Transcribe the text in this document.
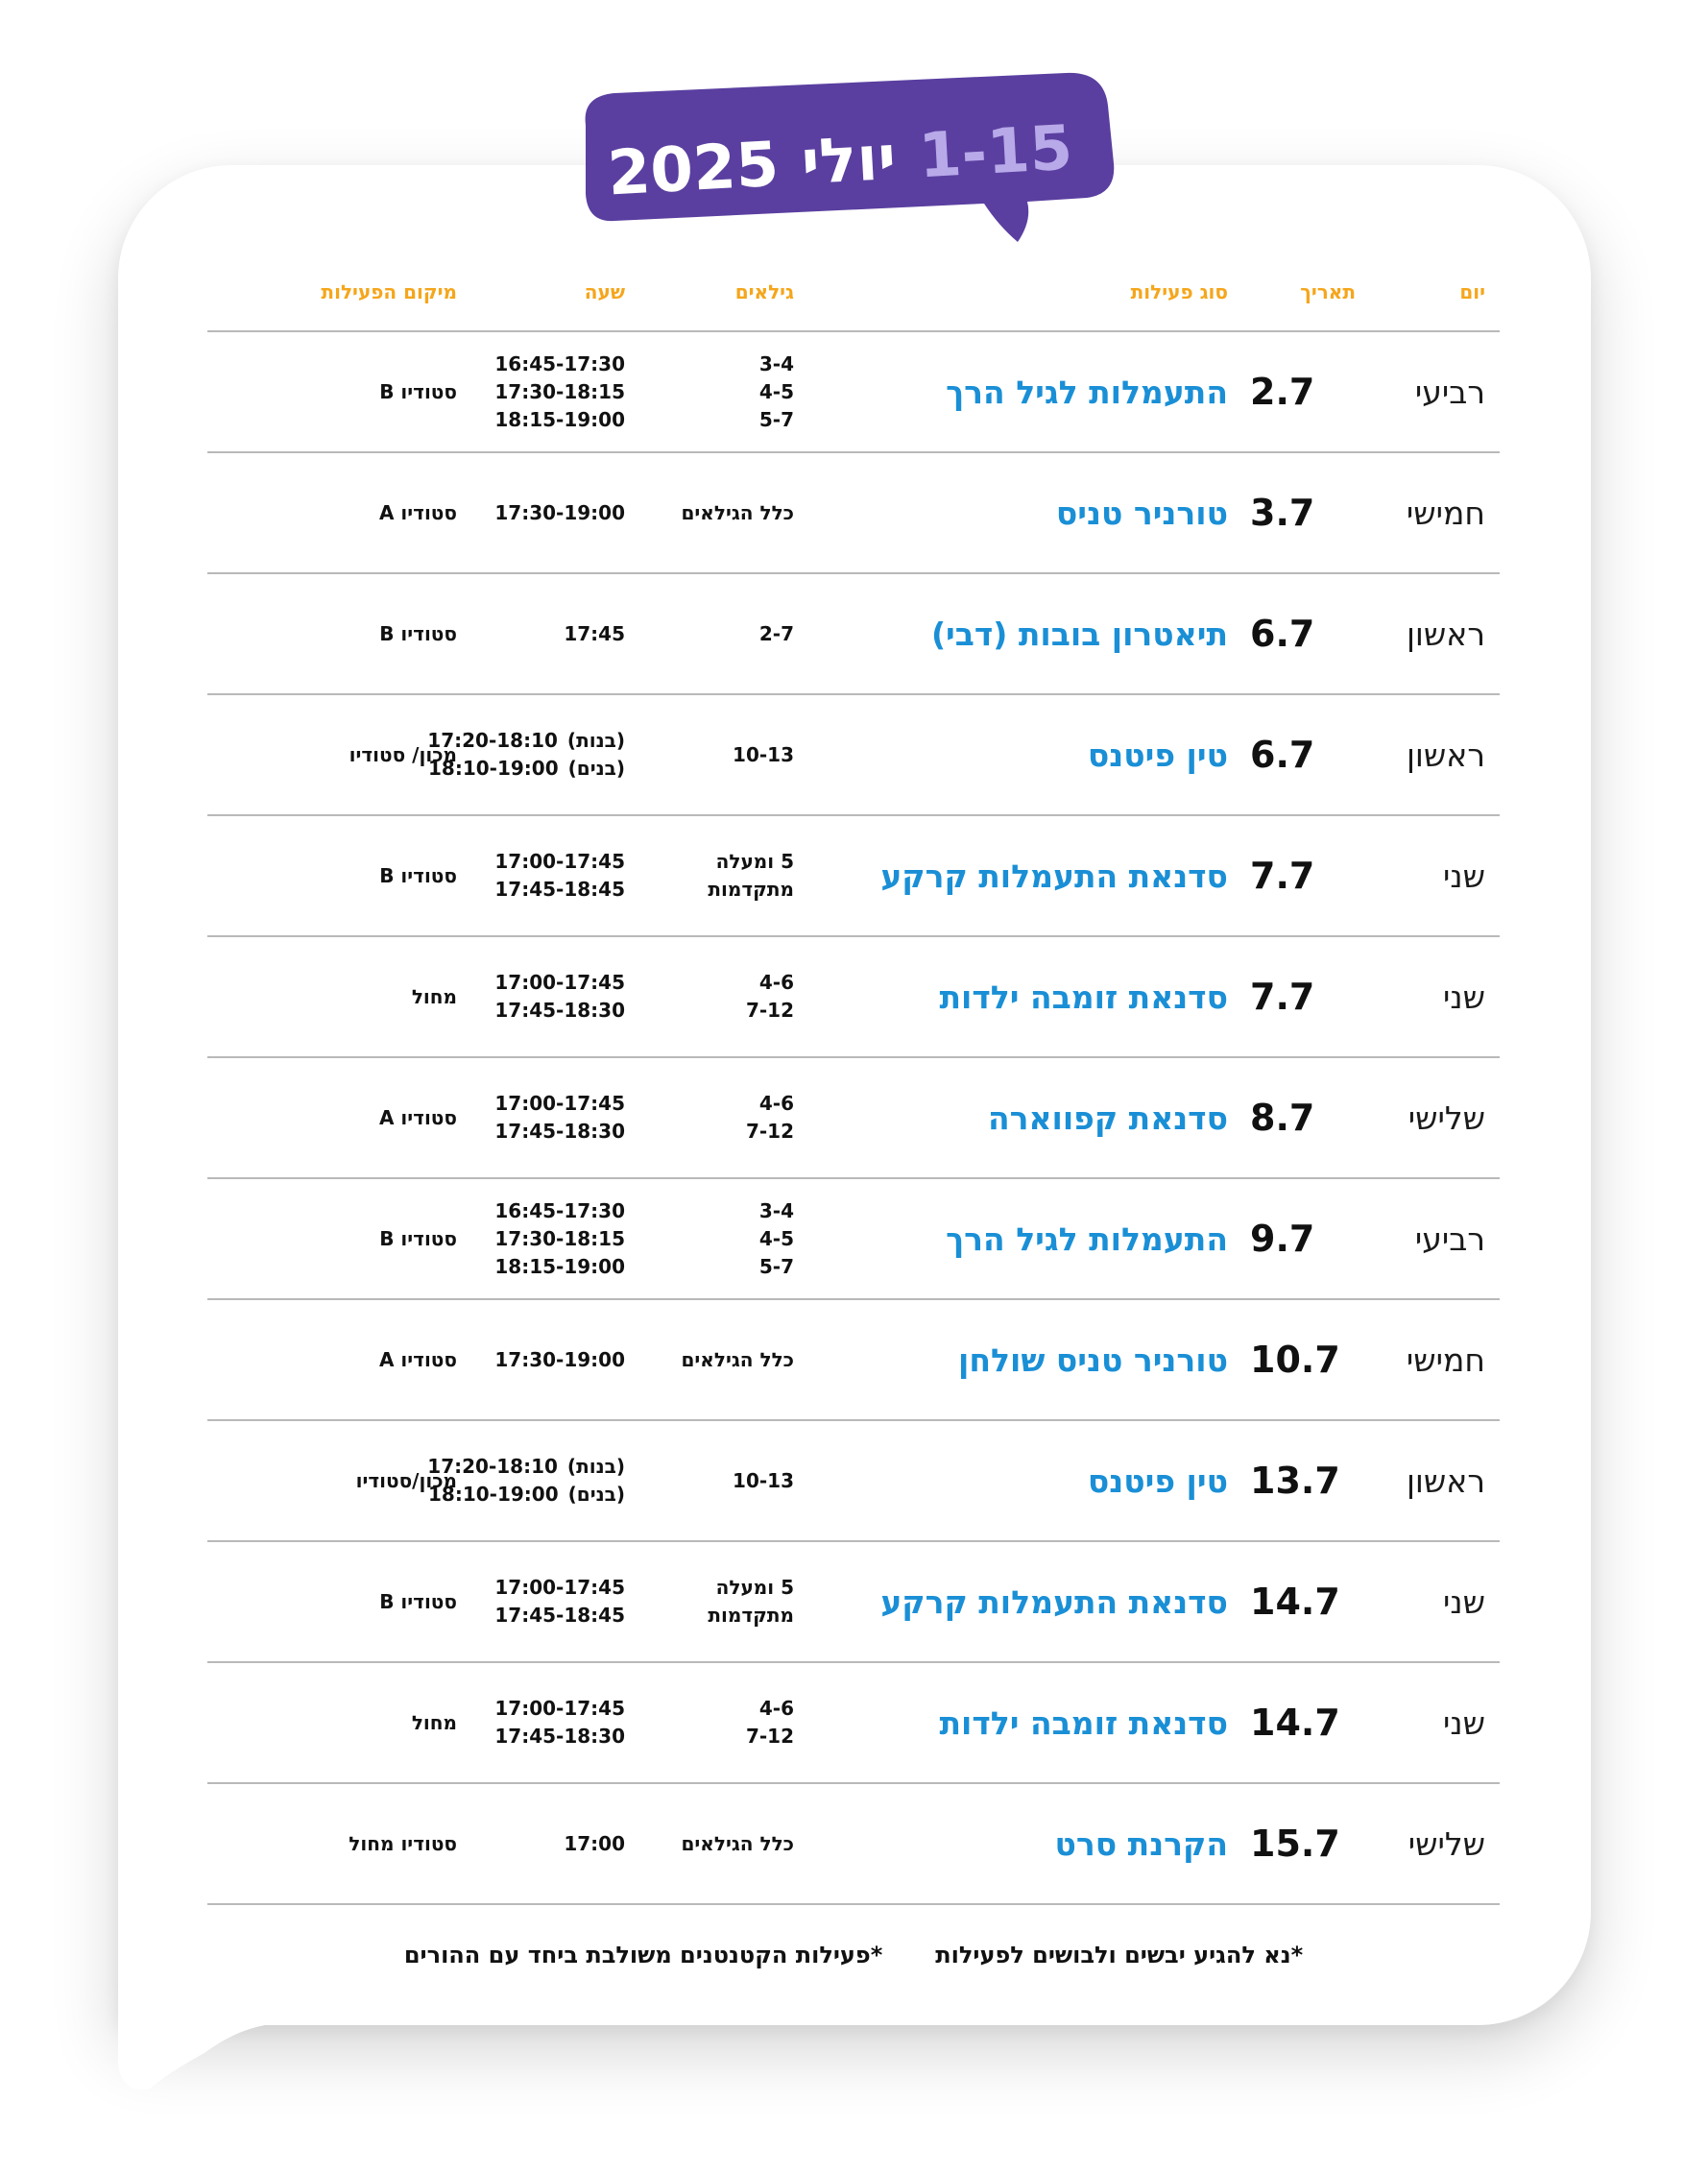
1-15
יולי
2025
יום
תאריך
סוג פעילות
גילאים
שעה
מיקום הפעילות
רביעי
2.7
התעמלות לגיל הרך
3-4
4-5
5-7
16:45-17:30
17:30-18:15
18:15-19:00
סטודיו B
חמישי
3.7
טורניר טניס
כלל הגילאים
17:30-19:00
סטודיו A
ראשון
6.7
תיאטרון בובות (דבי)
2-7
17:45
סטודיו B
ראשון
6.7
טין פיטנס
10-13
17:20-18:10 (בנות)
18:10-19:00 (בנים)
מכון/ סטודיו
שני
7.7
סדנאת התעמלות קרקע
5 ומעלה
מתקדמות
17:00-17:45
17:45-18:45
סטודיו B
שני
7.7
סדנאת זומבה ילדות
4-6
7-12
17:00-17:45
17:45-18:30
מחול
שלישי
8.7
סדנאת קפווארה
4-6
7-12
17:00-17:45
17:45-18:30
סטודיו A
רביעי
9.7
התעמלות לגיל הרך
3-4
4-5
5-7
16:45-17:30
17:30-18:15
18:15-19:00
סטודיו B
חמישי
10.7
טורניר טניס שולחן
כלל הגילאים
17:30-19:00
סטודיו A
ראשון
13.7
טין פיטנס
10-13
17:20-18:10 (בנות)
18:10-19:00 (בנים)
מכון/סטודיו
שני
14.7
סדנאת התעמלות קרקע
5 ומעלה
מתקדמות
17:00-17:45
17:45-18:45
סטודיו B
שני
14.7
סדנאת זומבה ילדות
4-6
7-12
17:00-17:45
17:45-18:30
מחול
שלישי
15.7
הקרנת סרט
כלל הגילאים
17:00
סטודיו מחול
*נא להגיע יבשים ולבושים לפעילות
*פעילות הקטנטנים משולבת ביחד עם ההורים
